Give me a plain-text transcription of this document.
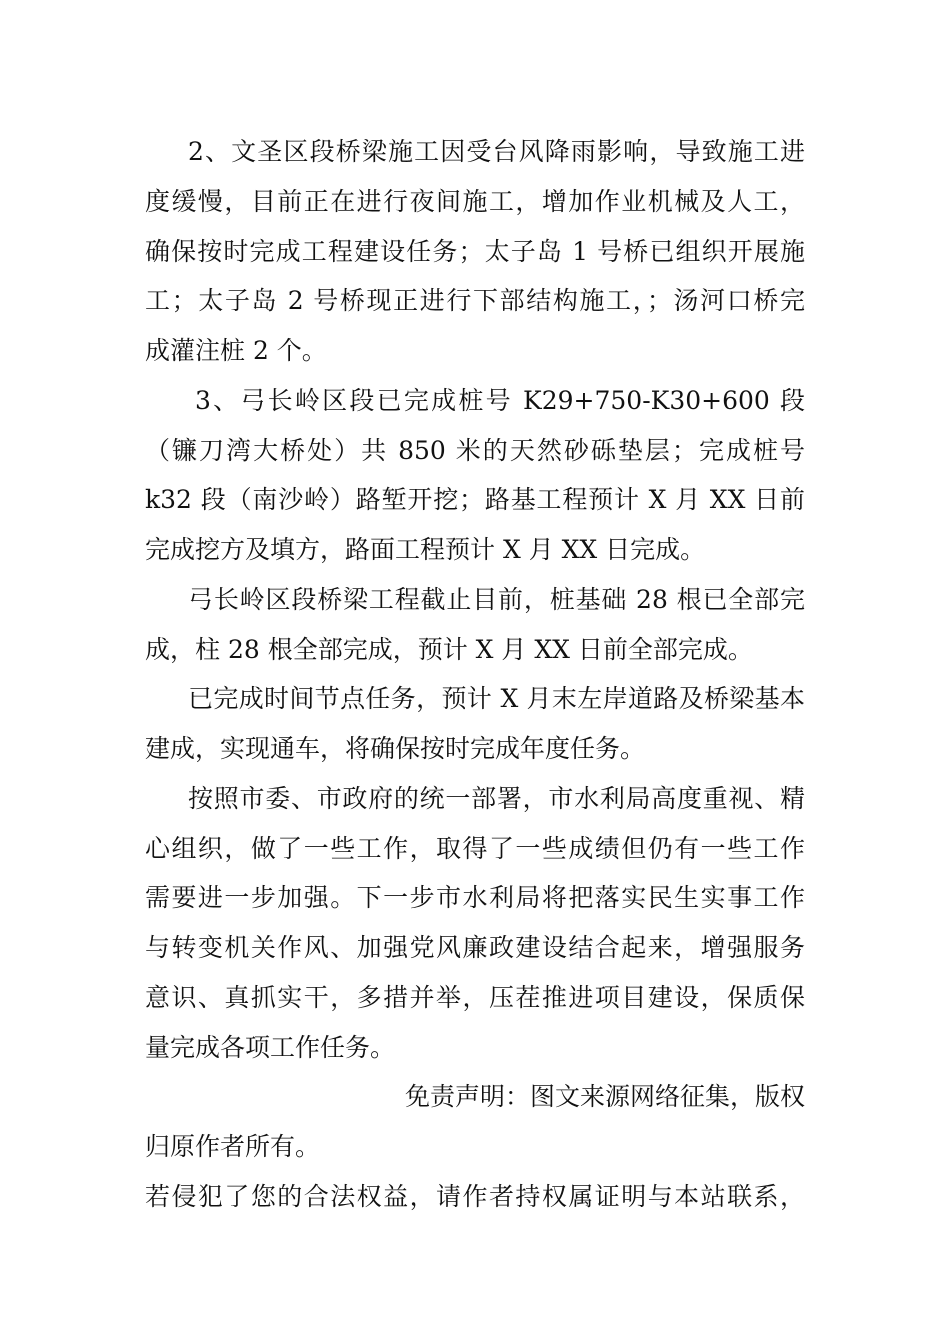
2、文圣区段桥梁施工因受台风降雨影响，导致施工进
度缓慢，目前正在进行夜间施工，增加作业机械及人工，
确保按时完成工程建设任务；太子岛 1 号桥已组织开展施
工；太子岛 2 号桥现正进行下部结构施工，；汤河口桥完
成灌注桩 2 个。
3、弓长岭区段已完成桩号 K29+750-K30+600 段
（镰刀湾大桥处）共 850 米的天然砂砾垫层；完成桩号
k32 段（南沙岭）路堑开挖；路基工程预计 X 月 XX 日前
完成挖方及填方，路面工程预计 X 月 XX 日完成。
弓长岭区段桥梁工程截止目前，桩基础 28 根已全部完
成，柱 28 根全部完成，预计 X 月 XX 日前全部完成。
已完成时间节点任务，预计 X 月末左岸道路及桥梁基本
建成，实现通车，将确保按时完成年度任务。
按照市委、市政府的统一部署，市水利局高度重视、精
心组织，做了一些工作，取得了一些成绩但仍有一些工作
需要进一步加强。下一步市水利局将把落实民生实事工作
与转变机关作风、加强党风廉政建设结合起来，增强服务
意识、真抓实干，多措并举，压茬推进项目建设，保质保
量完成各项工作任务。
免责声明：图文来源网络征集，版权
归原作者所有。
若侵犯了您的合法权益，请作者持权属证明与本站联系，
